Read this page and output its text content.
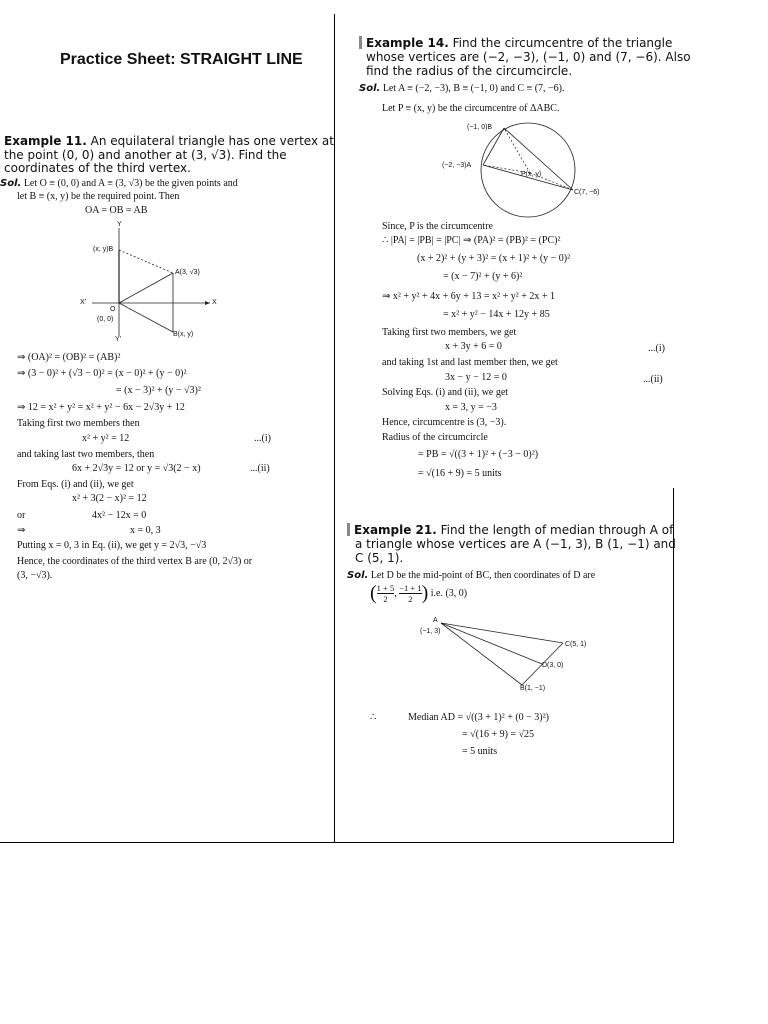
Practice Sheet: STRAIGHT LINE
Example 11. An equilateral triangle has one vertex at
the point (0, 0) and another at (3, √3). Find the
coordinates of the third vertex.
Sol. Let O ≡ (0, 0) and A ≡ (3, √3) be the given points and
let B ≡ (x, y) be the required point. Then
OA = OB = AB
Y
(x, y)B
A(3, √3)
X'	X
O
(0, 0)
B(x, y)
Y'
⇒ (OA)² = (OB)² = (AB)²
⇒ (3 − 0)² + (√3 − 0)² = (x − 0)² + (y − 0)²
= (x − 3)² + (y − √3)²
⇒ 12 = x² + y² = x² + y² − 6x − 2√3y + 12
Taking first two members then
x² + y² = 12	...(i)
and taking last two members, then
6x + 2√3y = 12 or y = √3(2 − x)	...(ii)
From Eqs. (i) and (ii), we get
x² + 3(2 − x)² = 12
or	4x² − 12x = 0
⇒	x = 0, 3
Putting x = 0, 3 in Eq. (ii), we get y = 2√3, −√3
Hence, the coordinates of the third vertex B are (0, 2√3) or
(3, −√3).
Example 14. Find the circumcentre of the triangle
whose vertices are (−2, −3), (−1, 0) and (7, −6). Also
find the radius of the circumcircle.
Sol. Let A ≡ (−2, −3), B ≡ (−1, 0) and C ≡ (7, −6).
Let P ≡ (x, y) be the circumcentre of ΔABC.
(−1, 0)B
(−2, −3)A
P(x, y)
C(7, −6)
Since, P is the circumcentre
∴ |PA| = |PB| = |PC| ⇒ (PA)² = (PB)² = (PC)²
(x + 2)² + (y + 3)² = (x + 1)² + (y − 0)²
= (x − 7)² + (y + 6)²
⇒ x² + y² + 4x + 6y + 13 = x² + y² + 2x + 1
= x² + y² − 14x + 12y + 85
Taking first two members, we get
x + 3y + 6 = 0	...(i)
and taking 1st and last member then, we get
3x − y − 12 = 0	...(ii)
Solving Eqs. (i) and (ii), we get
x = 3, y = −3
Hence, circumcentre is (3, −3).
Radius of the circumcircle
= PB = √((3 + 1)² + (−3 − 0)²)
= √(16 + 9) = 5 units
Example 21. Find the length of median through A of
a triangle whose vertices are A (−1, 3), B (1, −1) and
C (5, 1).
Sol. Let D be the mid-point of BC, then coordinates of D are
( $\frac{1 + 5}{2}$ , $\frac{-1 + 1}{2}$ ) i.e. (3, 0)
A
(−1, 3)
C(5, 1)
D(3, 0)
B(1, −1)
∴	Median AD = √((3 + 1)² + (0 − 3)²)
= √(16 + 9) = √25
= 5 units
